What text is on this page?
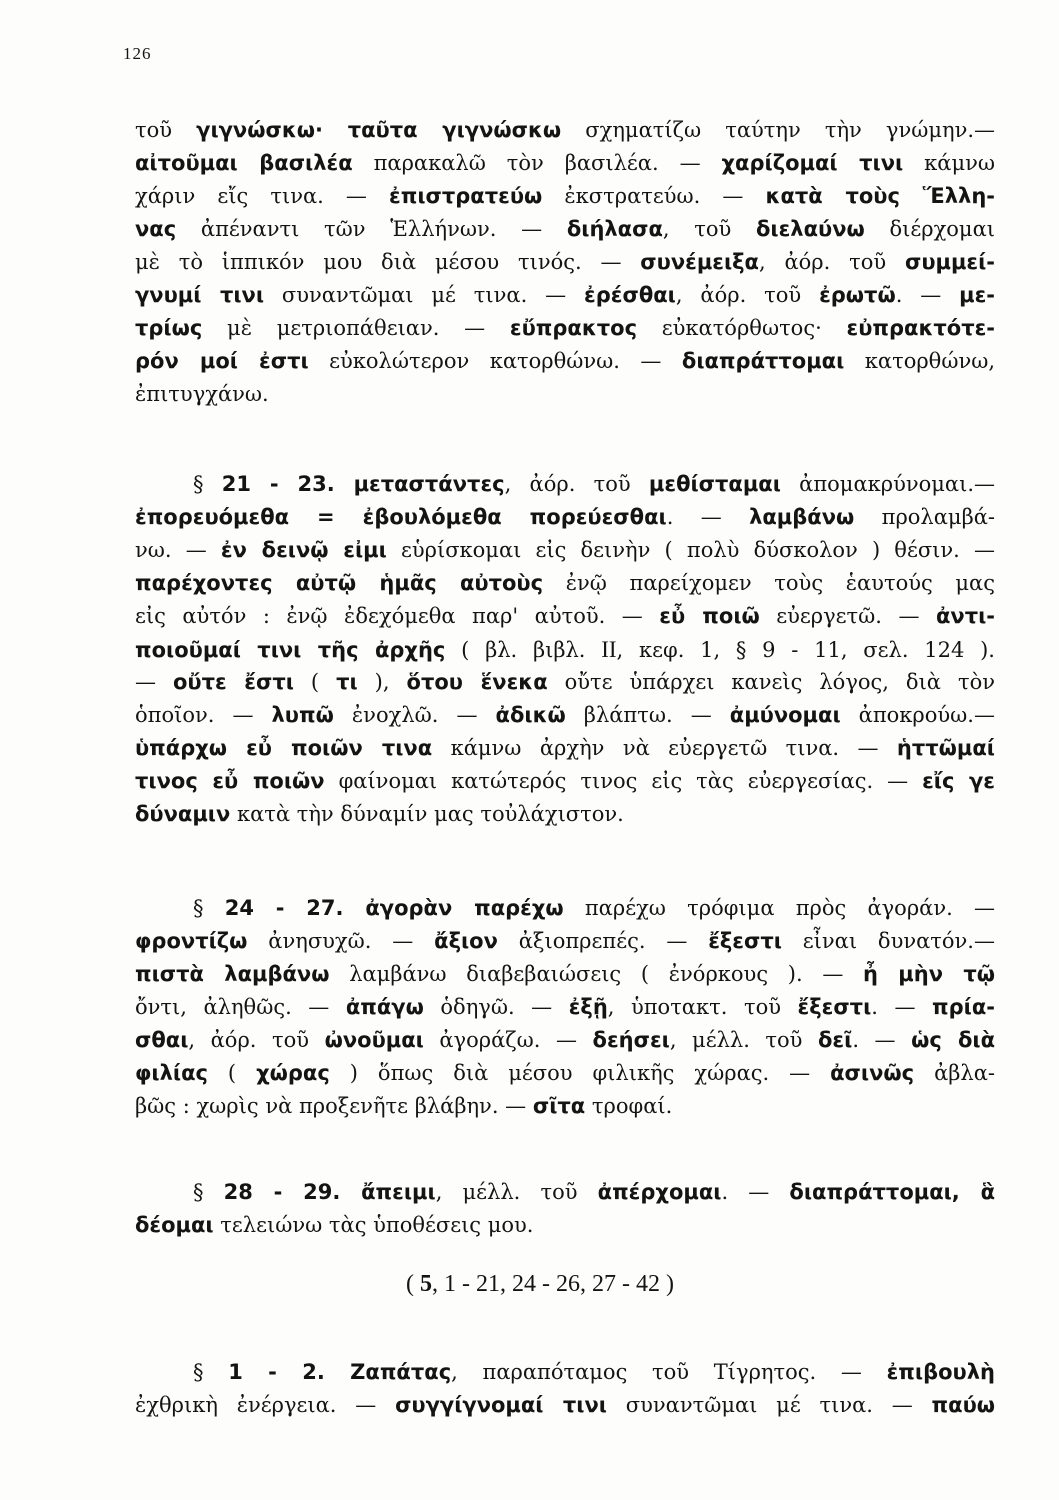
126
τοῦ γιγνώσκω· ταῦτα γιγνώσκω σχηματίζω ταύτην τὴν γνώμην.—
αἰτοῦμαι βασιλέα παρακαλῶ τὸν βασιλέα. — χαρίζομαί τινι κάμνω
χάριν εἴς τινα. — ἐπιστρατεύω ἐκστρατεύω. — κατὰ τοὺς Ἕλλη-
νας ἀπέναντι τῶν Ἑλλήνων. — διήλασα, τοῦ διελαύνω διέρχομαι
μὲ τὸ ἱππικόν μου διὰ μέσου τινός. — συνέμειξα, ἀόρ. τοῦ συμμεί-
γνυμί τινι συναντῶμαι μέ τινα. — ἐρέσθαι, ἀόρ. τοῦ ἐρωτῶ. — με-
τρίως μὲ μετριοπάθειαν. — εὔπρακτος εὐκατόρθωτος· εὐπρακτότε-
ρόν μοί ἐστι εὐκολώτερον κατορθώνω. — διαπράττομαι κατορθώνω,
ἐπιτυγχάνω.
§ 21 - 23. μεταστάντες, ἀόρ. τοῦ μεθίσταμαι ἀπομακρύνομαι.—
ἐπορευόμεθα = ἐβουλόμεθα πορεύεσθαι. — λαμβάνω προλαμβά-
νω. — ἐν δεινῷ εἰμι εὑρίσκομαι εἰς δεινὴν ( πολὺ δύσκολον ) θέσιν. —
παρέχοντες αὐτῷ ἡμᾶς αὐτοὺς ἐνῷ παρείχομεν τοὺς ἑαυτούς μας
εἰς αὐτόν : ἐνῷ ἐδεχόμεθα παρ' αὐτοῦ. — εὖ ποιῶ εὐεργετῶ. — ἀντι-
ποιοῦμαί τινι τῆς ἀρχῆς ( βλ. βιβλ. II, κεφ. 1, § 9 - 11, σελ. 124 ).
— οὔτε ἔστι ( τι ), ὅτου ἕνεκα οὔτε ὑπάρχει κανεὶς λόγος, διὰ τὸν
ὁποῖον. — λυπῶ ἐνοχλῶ. — ἀδικῶ βλάπτω. — ἀμύνομαι ἀποκρούω.—
ὑπάρχω εὖ ποιῶν τινα κάμνω ἀρχὴν νὰ εὐεργετῶ τινα. — ἡττῶμαί
τινος εὖ ποιῶν φαίνομαι κατώτερός τινος εἰς τὰς εὐεργεσίας. — εἴς γε
δύναμιν κατὰ τὴν δύναμίν μας τοὐλάχιστον.
§ 24 - 27. ἀγορὰν παρέχω παρέχω τρόφιμα πρὸς ἀγοράν. —
φροντίζω ἀνησυχῶ. — ἄξιον ἀξιοπρεπές. — ἔξεστι εἶναι δυνατόν.—
πιστὰ λαμβάνω λαμβάνω διαβεβαιώσεις ( ἐνόρκους ). — ἦ μὴν τῷ
ὄντι, ἀληθῶς. — ἀπάγω ὁδηγῶ. — ἐξῇ, ὑποτακτ. τοῦ ἔξεστι. — πρία-
σθαι, ἀόρ. τοῦ ὠνοῦμαι ἀγοράζω. — δεήσει, μέλλ. τοῦ δεῖ. — ὡς διὰ
φιλίας ( χώρας ) ὅπως διὰ μέσου φιλικῆς χώρας. — ἀσινῶς ἀβλα-
βῶς : χωρὶς νὰ προξενῆτε βλάβην. — σῖτα τροφαί.
§ 28 - 29. ἄπειμι, μέλλ. τοῦ ἀπέρχομαι. — διαπράττομαι, ἃ
δέομαι τελειώνω τὰς ὑποθέσεις μου.
( 5, 1 - 21, 24 - 26, 27 - 42 )
§ 1 - 2. Ζαπάτας, παραπόταμος τοῦ Τίγρητος. — ἐπιβουλὴ
ἐχθρικὴ ἐνέργεια. — συγγίγνομαί τινι συναντῶμαι μέ τινα. — παύω
